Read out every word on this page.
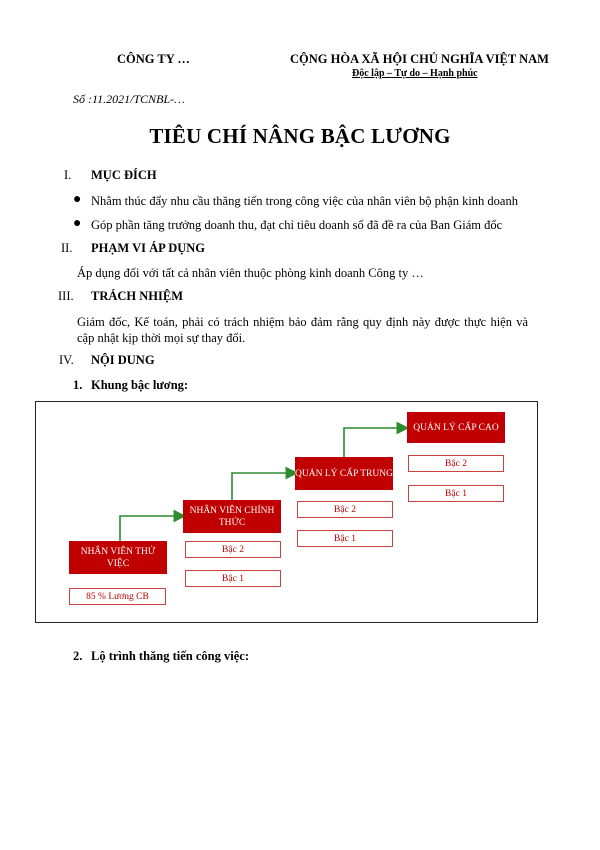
CÔNG TY …	CỘNG HÒA XÃ HỘI CHỦ NGHĨA VIỆT NAM
Độc lập – Tự do – Hạnh phúc
Số :11.2021/TCNBL-…
TIÊU CHÍ NÂNG BẬC LƯƠNG
I. MỤC ĐÍCH
● Nhằm thúc đẩy nhu cầu thăng tiến trong công việc của nhân viên bộ phận kinh doanh
● Góp phần tăng trưởng doanh thu, đạt chỉ tiêu doanh số đã đề ra của Ban Giám đốc
II. PHẠM VI ÁP DỤNG
Áp dụng đối với tất cả nhân viên thuộc phòng kinh doanh Công ty …
III. TRÁCH NHIỆM
Giám đốc, Kế toán, phải có trách nhiệm bảo đảm rằng quy định này được thực hiện và
cập nhật kịp thời mọi sự thay đổi.
IV. NỘI DUNG
1. Khung bậc lương:
NHÂN VIÊN THỬ VIỆC
85 % Lương CB
NHÂN VIÊN CHÍNH THỨC
Bậc 2
Bậc 1
QUẢN LÝ CẤP TRUNG
Bậc 2
Bậc 1
QUẢN LÝ CẤP CAO
Bậc 2
Bậc 1
2. Lộ trình thăng tiến công việc:
